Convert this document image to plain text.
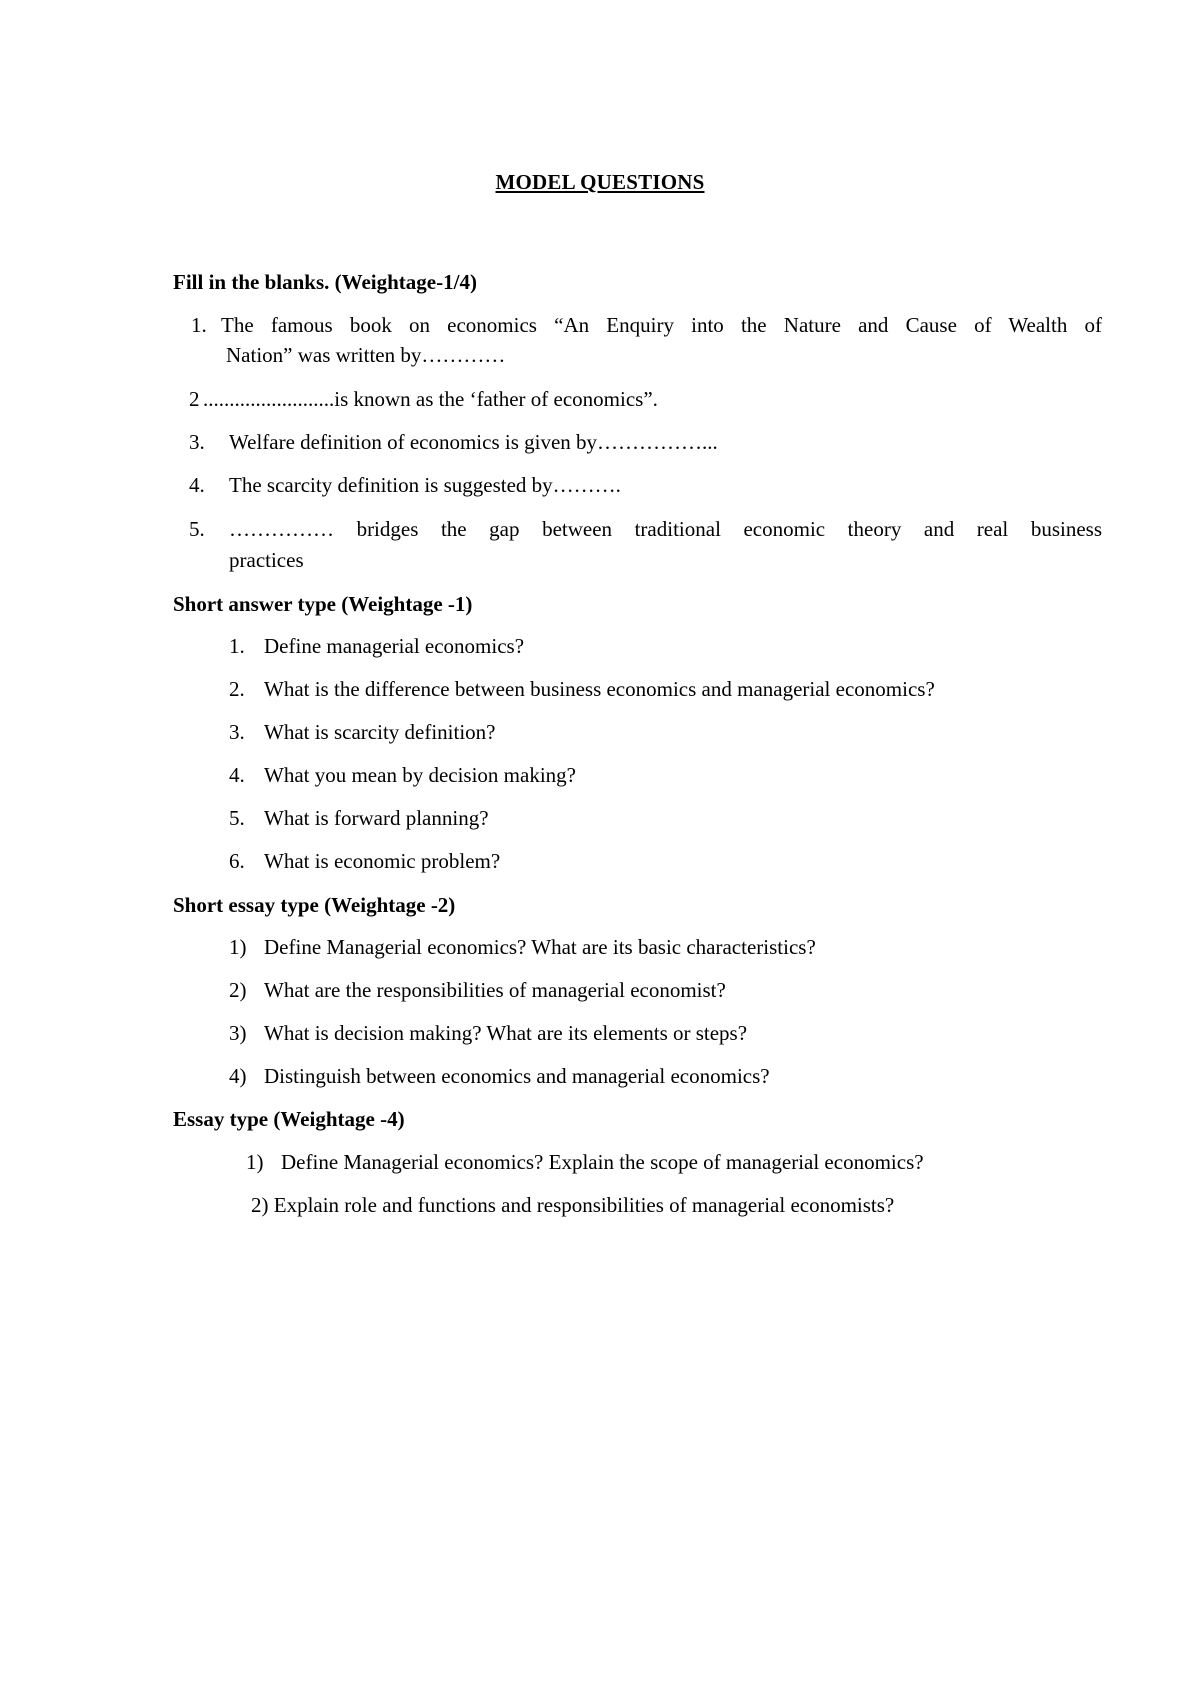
MODEL QUESTIONS
Fill in the blanks. (Weightage-1/4)
1. The famous book on economics “An Enquiry into the Nature and Cause of Wealth of
Nation” was written by…………
2 .........................is known as the ‘father of economics”.
3. Welfare definition of economics is given by……………...
4. The scarcity definition is suggested by……….
5. …………… bridges the gap between traditional economic theory and real business
practices
Short answer type (Weightage -1)
1. Define managerial economics?
2. What is the difference between business economics and managerial economics?
3. What is scarcity definition?
4. What you mean by decision making?
5. What is forward planning?
6. What is economic problem?
Short essay type (Weightage -2)
1) Define Managerial economics? What are its basic characteristics?
2) What are the responsibilities of managerial economist?
3) What is decision making? What are its elements or steps?
4) Distinguish between economics and managerial economics?
Essay type (Weightage -4)
1) Define Managerial economics? Explain the scope of managerial economics?
2) Explain role and functions and responsibilities of managerial economists?
